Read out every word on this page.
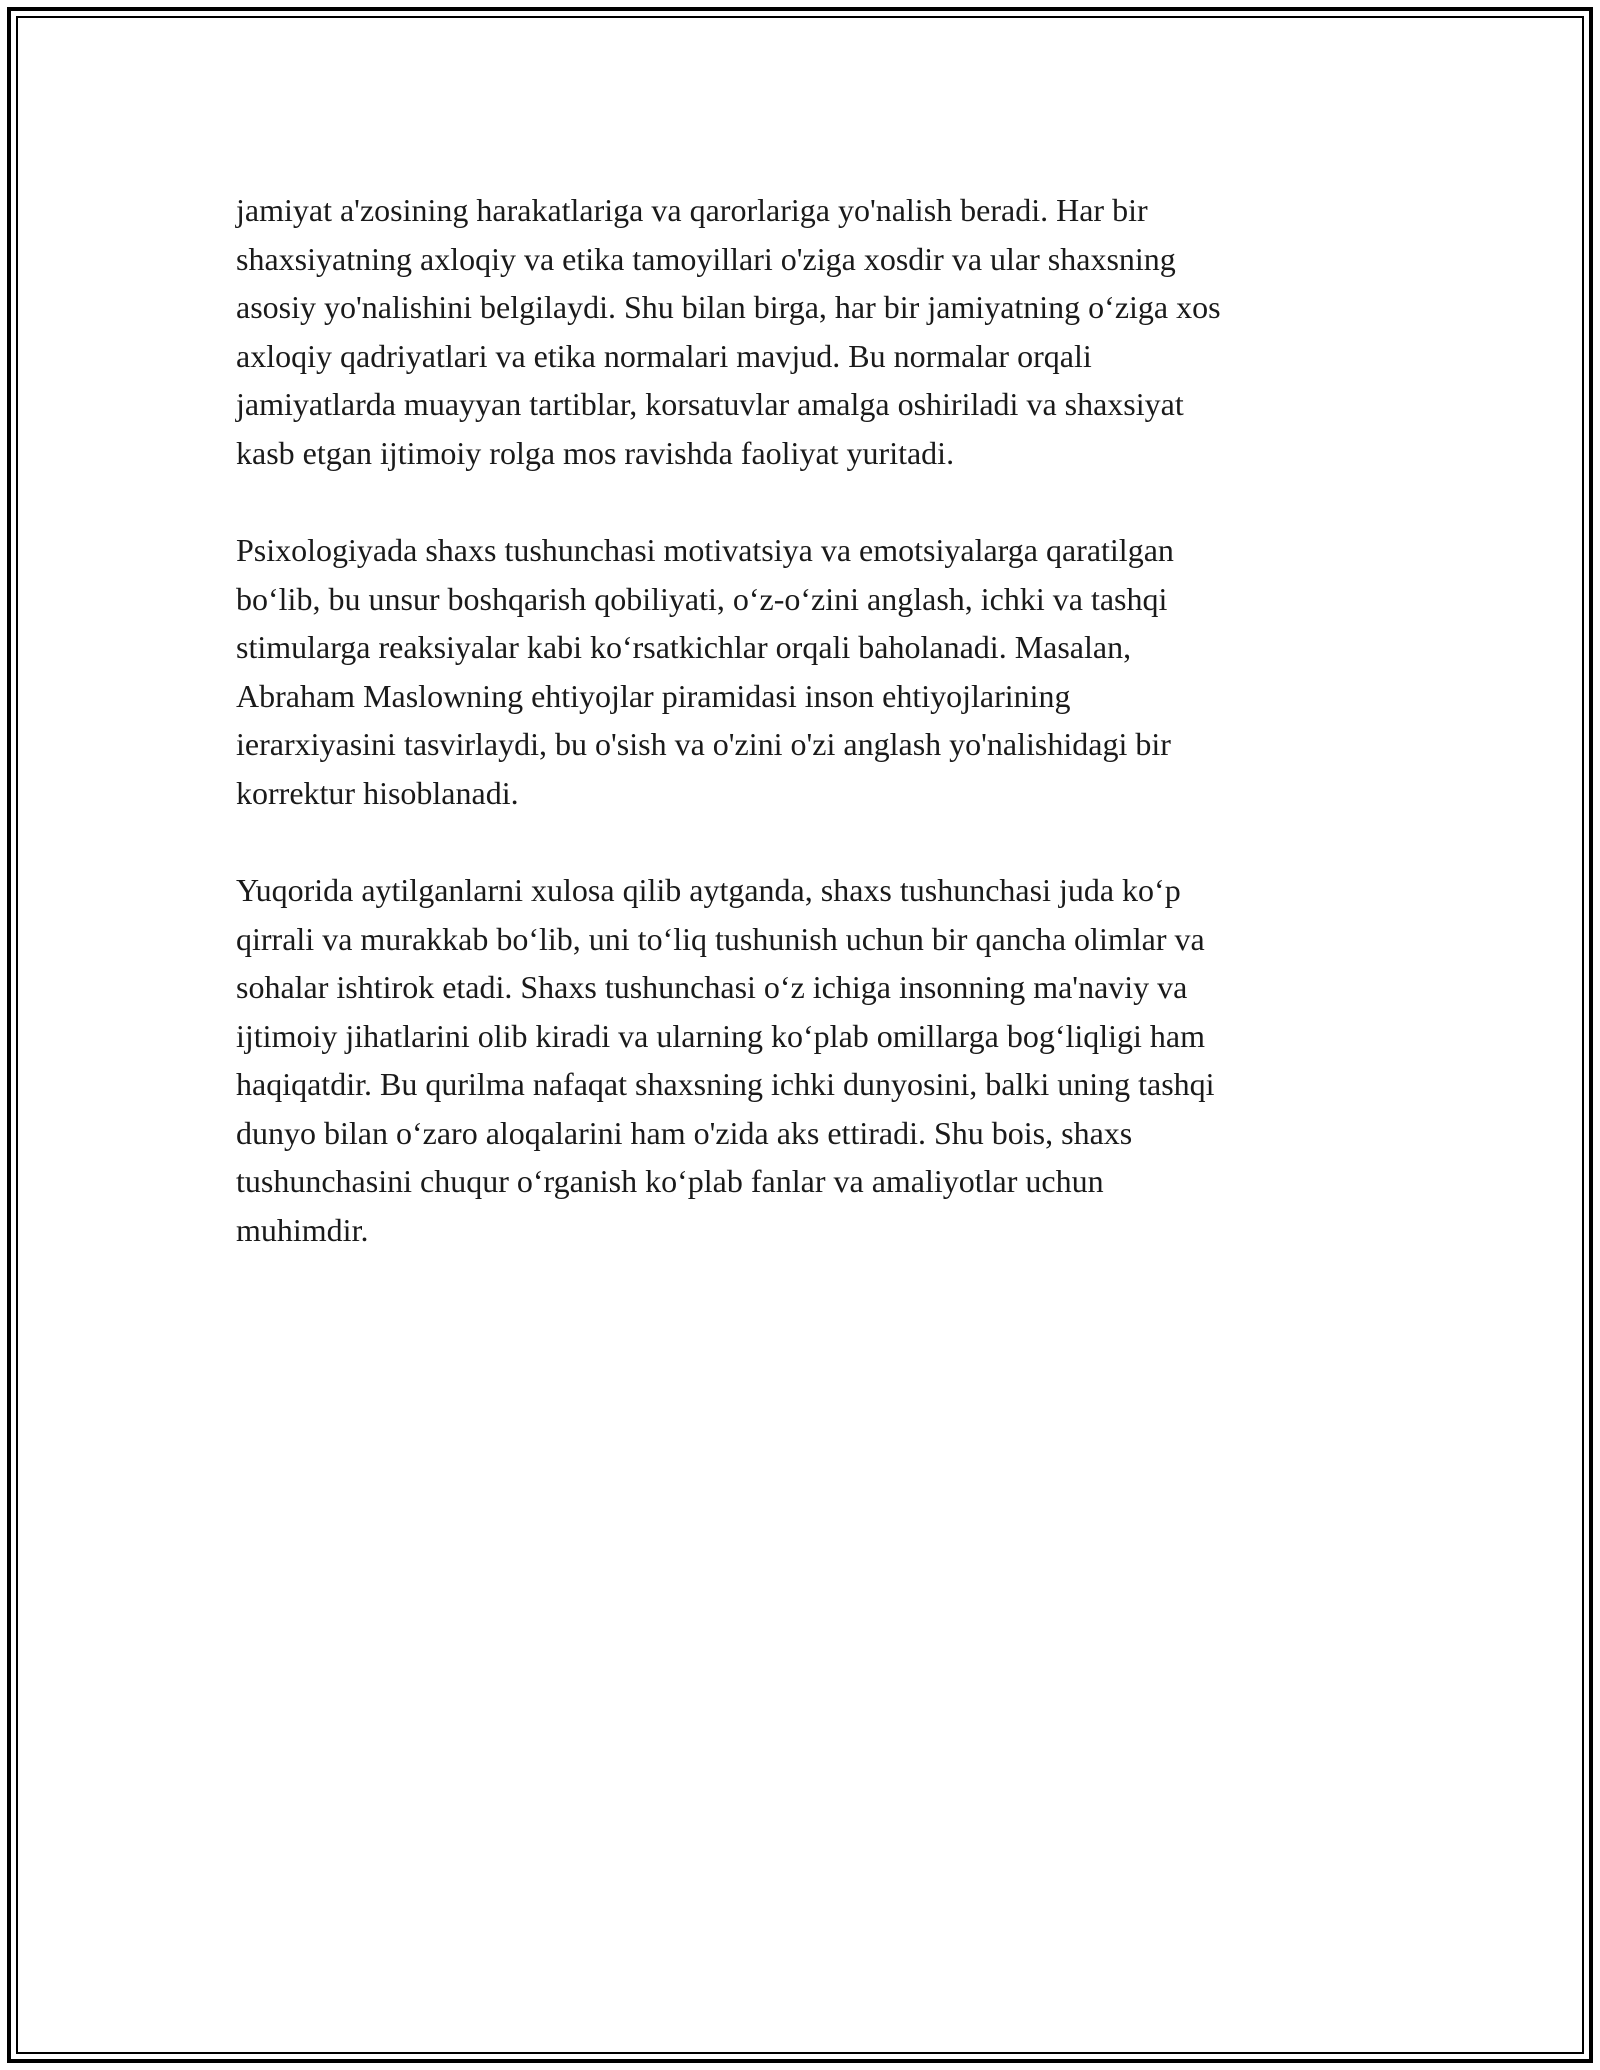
jamiyat a'zosining harakatlariga va qarorlariga yo'nalish beradi. Har bir
shaxsiyatning axloqiy va etika tamoyillari o'ziga xosdir va ular shaxsning
asosiy yo'nalishini belgilaydi. Shu bilan birga, har bir jamiyatning oʻziga xos
axloqiy qadriyatlari va etika normalari mavjud. Bu normalar orqali
jamiyatlarda muayyan tartiblar, korsatuvlar amalga oshiriladi va shaxsiyat
kasb etgan ijtimoiy rolga mos ravishda faoliyat yuritadi.

Psixologiyada shaxs tushunchasi motivatsiya va emotsiyalarga qaratilgan
boʻlib, bu unsur boshqarish qobiliyati, oʻz-oʻzini anglash, ichki va tashqi
stimularga reaksiyalar kabi koʻrsatkichlar orqali baholanadi. Masalan,
Abraham Maslowning ehtiyojlar piramidasi inson ehtiyojlarining
ierarxiyasini tasvirlaydi, bu o'sish va o'zini o'zi anglash yo'nalishidagi bir
korrektur hisoblanadi.

Yuqorida aytilganlarni xulosa qilib aytganda, shaxs tushunchasi juda koʻp
qirrali va murakkab boʻlib, uni toʻliq tushunish uchun bir qancha olimlar va
sohalar ishtirok etadi. Shaxs tushunchasi oʻz ichiga insonning ma'naviy va
ijtimoiy jihatlarini olib kiradi va ularning koʻplab omillarga bogʻliqligi ham
haqiqatdir. Bu qurilma nafaqat shaxsning ichki dunyosini, balki uning tashqi
dunyo bilan oʻzaro aloqalarini ham o'zida aks ettiradi. Shu bois, shaxs
tushunchasini chuqur oʻrganish koʻplab fanlar va amaliyotlar uchun
muhimdir.
